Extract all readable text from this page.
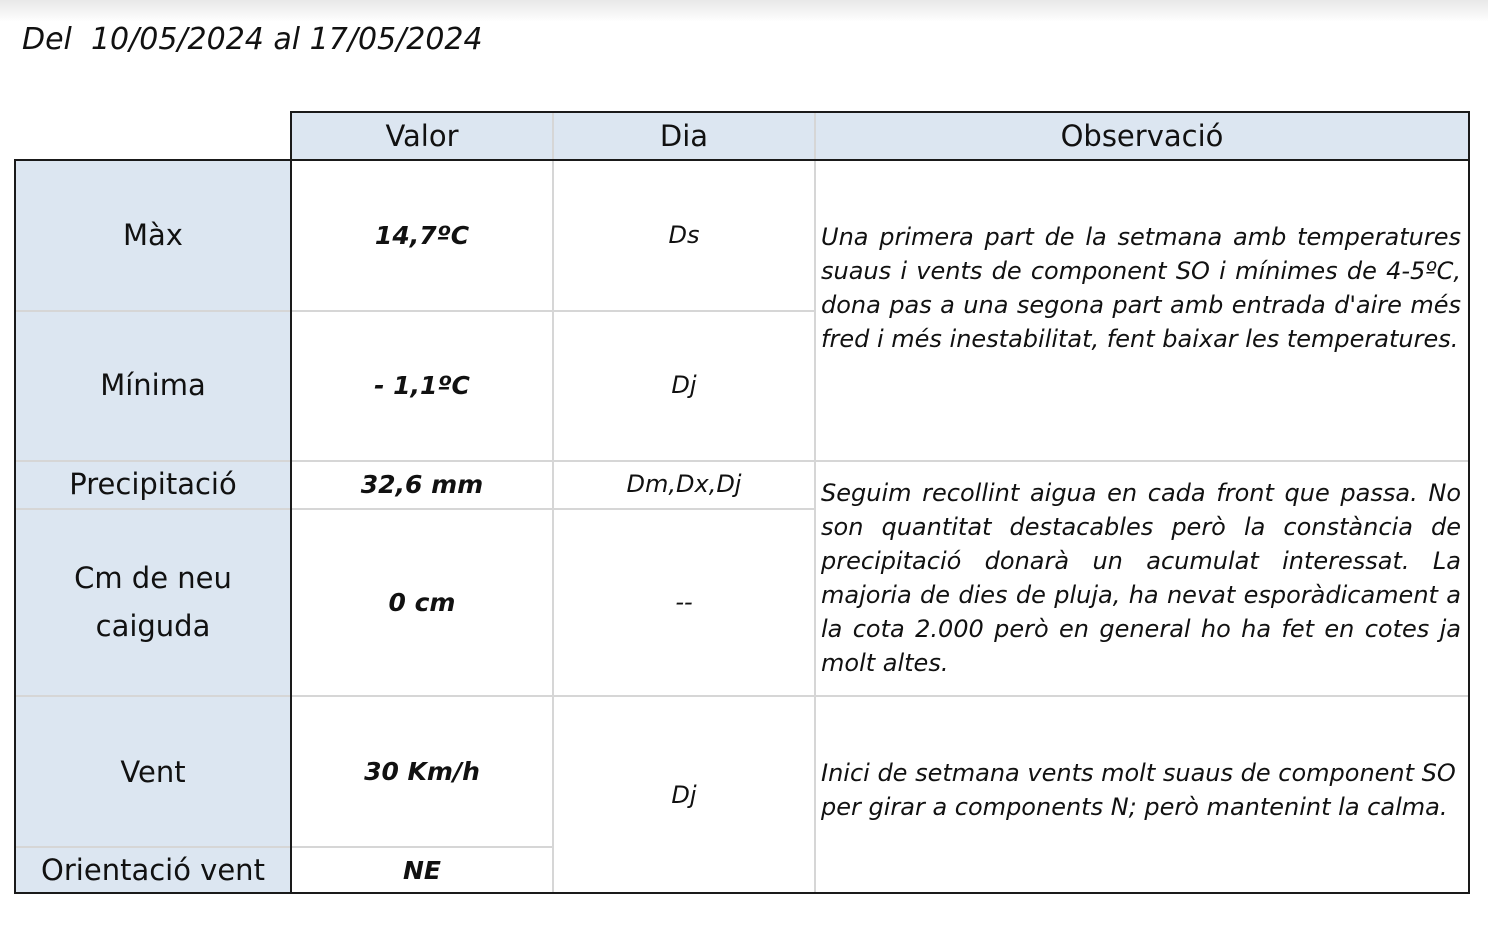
Del  10/05/2024 al 17/05/2024
Valor	Dia	Observació
Màx
Mínima
Precipitació
Cm de neu caiguda
Vent
Orientació vent
14,7ºC
- 1,1ºC
32,6 mm
0 cm
30 Km/h
NE
Ds
Dj
Dm,Dx,Dj
--
Dj
Una primera part de la setmana amb temperatures suaus i vents de component SO i mínimes de 4-5ºC, dona pas a una segona part amb entrada d'aire més fred i més inestabilitat, fent baixar les temperatures.
Seguim recollint aigua en cada front que passa. No son quantitat destacables però la constància de precipitació donarà un acumulat interessat. La majoria de dies de pluja, ha nevat esporàdicament a la cota 2.000 però en general ho ha fet en cotes ja molt altes.
Inici de setmana vents molt suaus de component SO per girar a components N; però mantenint la calma.
